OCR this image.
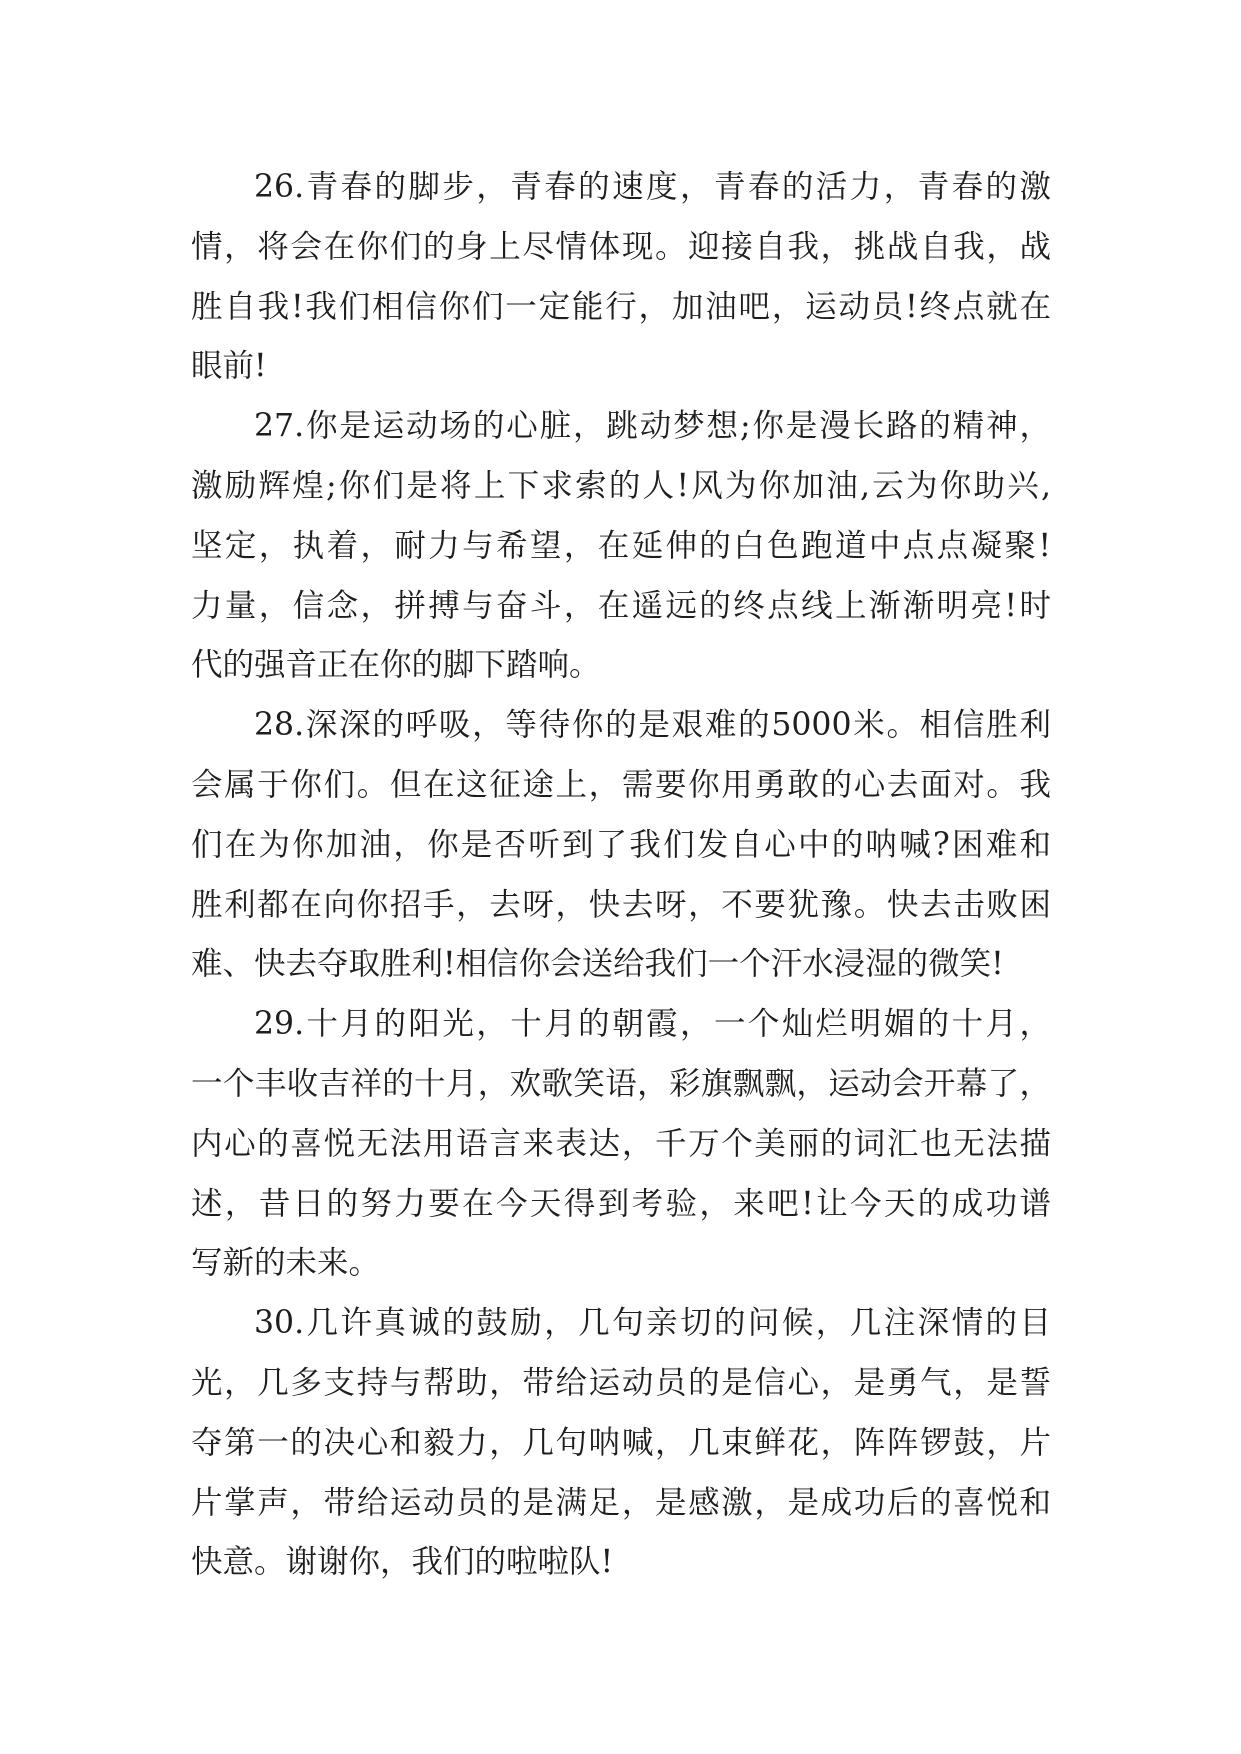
26.青春的脚步，青春的速度，青春的活力，青春的激
情，将会在你们的身上尽情体现。迎接自我，挑战自我，战
胜自我!我们相信你们一定能行，加油吧，运动员!终点就在
眼前!
27.你是运动场的心脏，跳动梦想;你是漫长路的精神，
激励辉煌;你们是将上下求索的人!风为你加油,云为你助兴,
坚定，执着，耐力与希望，在延伸的白色跑道中点点凝聚!
力量，信念，拼搏与奋斗，在遥远的终点线上渐渐明亮!时
代的强音正在你的脚下踏响。
28.深深的呼吸，等待你的是艰难的5000米。相信胜利
会属于你们。但在这征途上，需要你用勇敢的心去面对。我
们在为你加油，你是否听到了我们发自心中的呐喊?困难和
胜利都在向你招手，去呀，快去呀，不要犹豫。快去击败困
难、快去夺取胜利!相信你会送给我们一个汗水浸湿的微笑!
29.十月的阳光，十月的朝霞，一个灿烂明媚的十月，
一个丰收吉祥的十月，欢歌笑语，彩旗飘飘，运动会开幕了，
内心的喜悦无法用语言来表达，千万个美丽的词汇也无法描
述，昔日的努力要在今天得到考验，来吧!让今天的成功谱
写新的未来。
30.几许真诚的鼓励，几句亲切的问候，几注深情的目
光，几多支持与帮助，带给运动员的是信心，是勇气，是誓
夺第一的决心和毅力，几句呐喊，几束鲜花，阵阵锣鼓，片
片掌声，带给运动员的是满足，是感激，是成功后的喜悦和
快意。谢谢你，我们的啦啦队!
